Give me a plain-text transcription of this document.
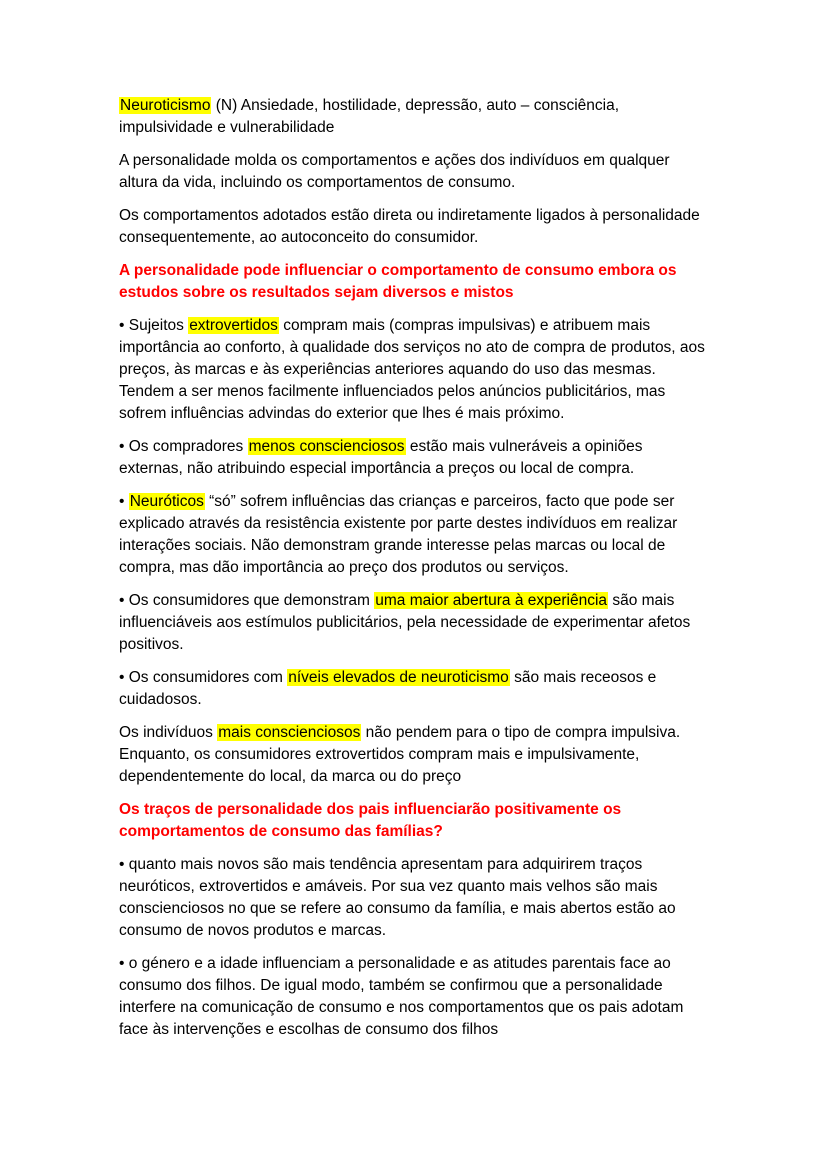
Neuroticismo (N) Ansiedade, hostilidade, depressão, auto – consciência, impulsividade e vulnerabilidade

A personalidade molda os comportamentos e ações dos indivíduos em qualquer altura da vida, incluindo os comportamentos de consumo.

Os comportamentos adotados estão direta ou indiretamente ligados à personalidade consequentemente, ao autoconceito do consumidor.

A personalidade pode influenciar o comportamento de consumo embora os estudos sobre os resultados sejam diversos e mistos

• Sujeitos extrovertidos compram mais (compras impulsivas) e atribuem mais importância ao conforto, à qualidade dos serviços no ato de compra de produtos, aos preços, às marcas e às experiências anteriores aquando do uso das mesmas. Tendem a ser menos facilmente influenciados pelos anúncios publicitários, mas sofrem influências advindas do exterior que lhes é mais próximo.

• Os compradores menos conscienciosos estão mais vulneráveis a opiniões externas, não atribuindo especial importância a preços ou local de compra.

• Neuróticos “só” sofrem influências das crianças e parceiros, facto que pode ser explicado através da resistência existente por parte destes indivíduos em realizar interações sociais. Não demonstram grande interesse pelas marcas ou local de compra, mas dão importância ao preço dos produtos ou serviços.

• Os consumidores que demonstram uma maior abertura à experiência são mais influenciáveis aos estímulos publicitários, pela necessidade de experimentar afetos positivos.

• Os consumidores com níveis elevados de neuroticismo são mais receosos e cuidadosos.

Os indivíduos mais conscienciosos não pendem para o tipo de compra impulsiva. Enquanto, os consumidores extrovertidos compram mais e impulsivamente, dependentemente do local, da marca ou do preço

Os traços de personalidade dos pais influenciarão positivamente os comportamentos de consumo das famílias?

• quanto mais novos são mais tendência apresentam para adquirirem traços neuróticos, extrovertidos e amáveis. Por sua vez quanto mais velhos são mais conscienciosos no que se refere ao consumo da família, e mais abertos estão ao consumo de novos produtos e marcas.

• o género e a idade influenciam a personalidade e as atitudes parentais face ao consumo dos filhos. De igual modo, também se confirmou que a personalidade interfere na comunicação de consumo e nos comportamentos que os pais adotam face às intervenções e escolhas de consumo dos filhos
